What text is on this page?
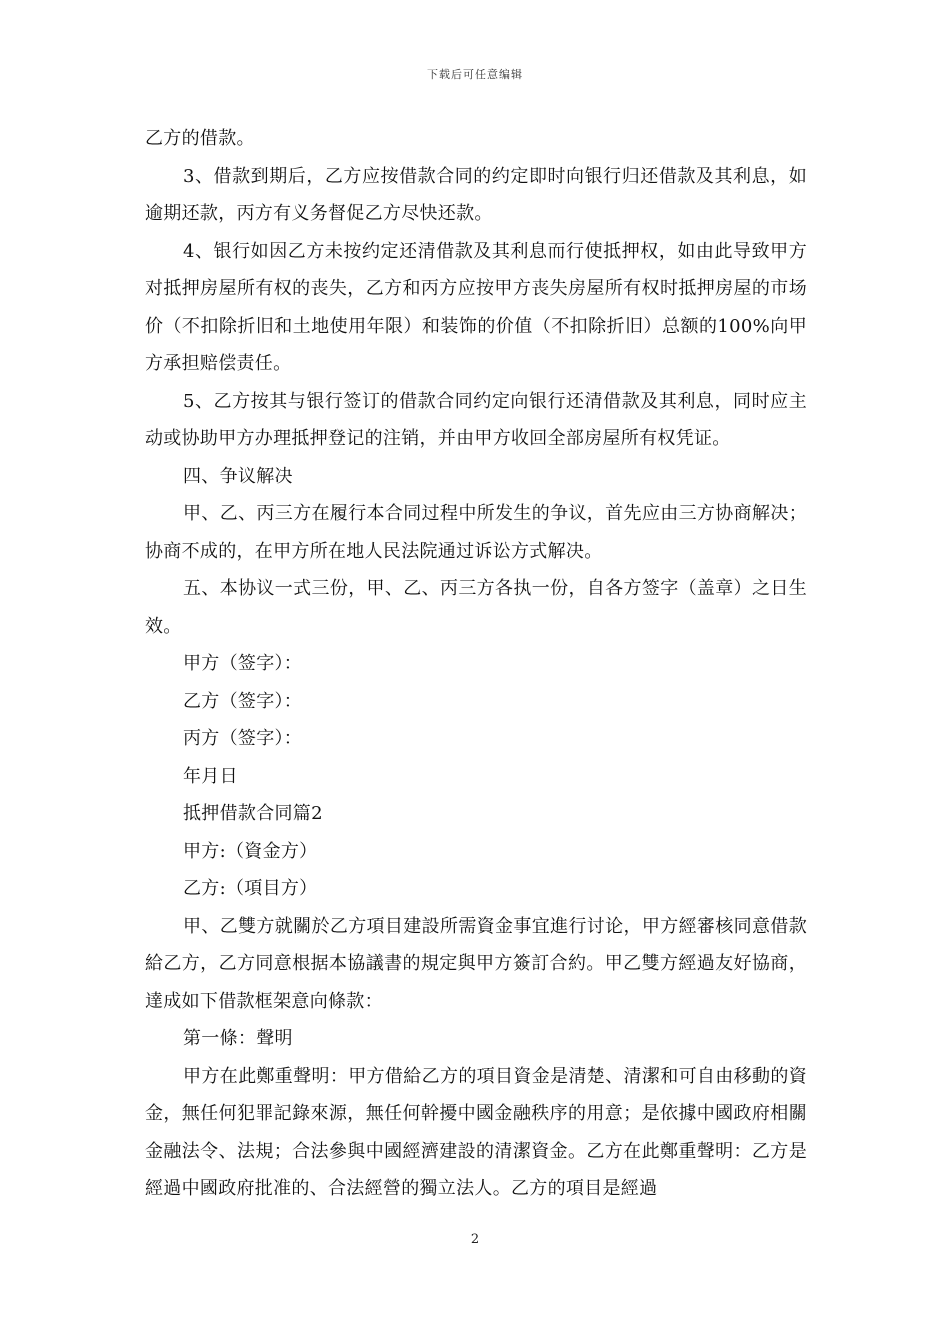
下载后可任意编辑

乙方的借款。

3、借款到期后，乙方应按借款合同的约定即时向银行归还借款及其利息，如逾期还款，丙方有义务督促乙方尽快还款。

4、银行如因乙方未按约定还清借款及其利息而行使抵押权，如由此导致甲方对抵押房屋所有权的丧失，乙方和丙方应按甲方丧失房屋所有权时抵押房屋的市场价（不扣除折旧和土地使用年限）和装饰的价值（不扣除折旧）总额的100%向甲方承担赔偿责任。

5、乙方按其与银行签订的借款合同约定向银行还清借款及其利息，同时应主动或协助甲方办理抵押登记的注销，并由甲方收回全部房屋所有权凭证。

四、争议解决

甲、乙、丙三方在履行本合同过程中所发生的争议，首先应由三方协商解决；协商不成的，在甲方所在地人民法院通过诉讼方式解决。

五、本协议一式三份，甲、乙、丙三方各执一份，自各方签字（盖章）之日生效。

甲方（签字）：

乙方（签字）：

丙方（签字）：

年月日

抵押借款合同篇2

甲方:（資金方）

乙方:（項目方）

甲、乙雙方就關於乙方項目建設所需資金事宜進行讨论，甲方經審核同意借款給乙方，乙方同意根据本協議書的規定與甲方簽訂合約。甲乙雙方經過友好協商，達成如下借款框架意向條款：

第一條：聲明

甲方在此鄭重聲明：甲方借給乙方的項目資金是清楚、清潔和可自由移動的資金，無任何犯罪記錄來源，無任何幹擾中國金融秩序的用意；是依據中國政府相關金融法令、法規；合法參與中國經濟建設的清潔資金。乙方在此鄭重聲明：乙方是經過中國政府批准的、合法經營的獨立法人。乙方的項目是經過

2
